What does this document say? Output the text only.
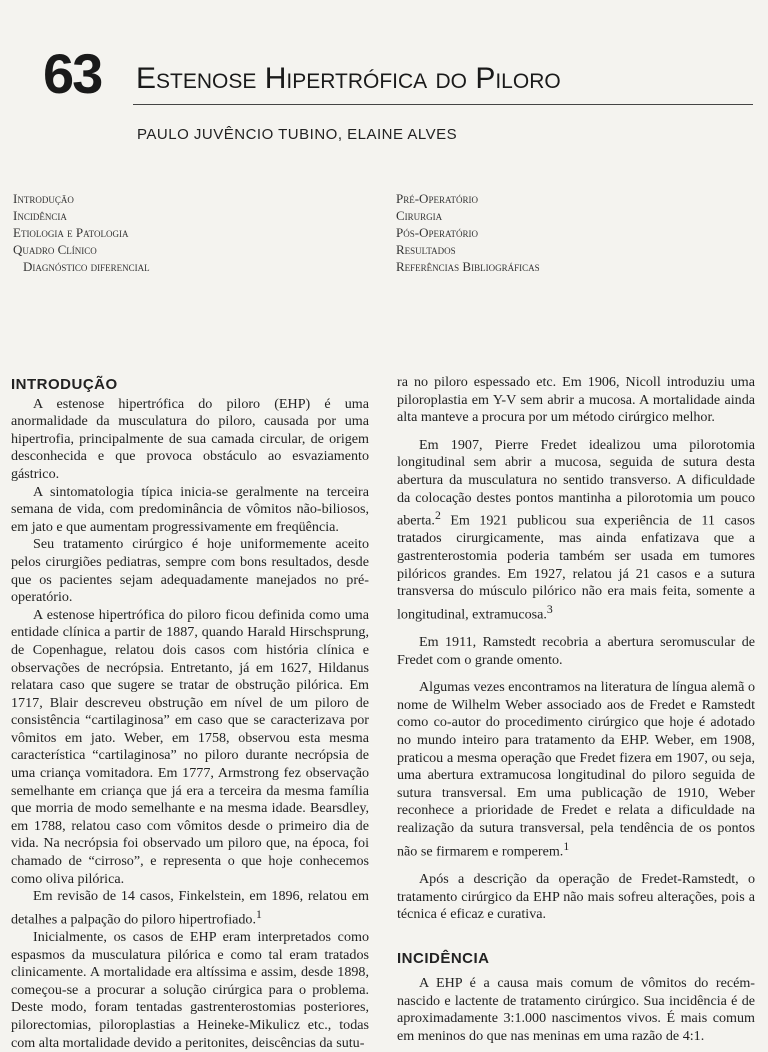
63 Estenose Hipertrófica do Piloro
PAULO JUVÊNCIO TUBINO, ELAINE ALVES
Introdução
Incidência
Etiologia e Patologia
Quadro Clínico
Diagnóstico diferencial
Pré-Operatório
Cirurgia
Pós-Operatório
Resultados
Referências Bibliográficas
INTRODUÇÃO

A estenose hipertrófica do piloro (EHP) é uma anormalidade da musculatura do piloro, causada por uma hipertrofia, principalmente de sua camada circular, de origem desconhecida e que provoca obstáculo ao esvaziamento gástrico.

A sintomatologia típica inicia-se geralmente na terceira semana de vida, com predominância de vômitos não-biliosos, em jato e que aumentam progressivamente em freqüência.

Seu tratamento cirúrgico é hoje uniformemente aceito pelos cirurgiões pediatras, sempre com bons resultados, desde que os pacientes sejam adequadamente manejados no pré-operatório.

A estenose hipertrófica do piloro ficou definida como uma entidade clínica a partir de 1887, quando Harald Hirschsprung, de Copenhague, relatou dois casos com história clínica e observações de necrópsia. Entretanto, já em 1627, Hildanus relatara caso que sugere se tratar de obstrução pilórica. Em 1717, Blair descreveu obstrução em nível de um piloro de consistência “cartilaginosa” em caso que se caracterizava por vômitos em jato. Weber, em 1758, observou esta mesma característica “cartilaginosa” no piloro durante necrópsia de uma criança vomitadora. Em 1777, Armstrong fez observação semelhante em criança que já era a terceira da mesma família que morria de modo semelhante e na mesma idade. Bearsdley, em 1788, relatou caso com vômitos desde o primeiro dia de vida. Na necrópsia foi observado um piloro que, na época, foi chamado de “cirroso”, e representa o que hoje conhecemos como oliva pilórica.

Em revisão de 14 casos, Finkelstein, em 1896, relatou em detalhes a palpação do piloro hipertrofiado.$^1$

Inicialmente, os casos de EHP eram interpretados como espasmos da musculatura pilórica e como tal eram tratados clinicamente. A mortalidade era altíssima e assim, desde 1898, começou-se a procurar a solução cirúrgica para o problema. Deste modo, foram tentadas gastrenterostomias posteriores, pilorectomias, piloroplastias a Heineke-Mikulicz etc., todas com alta mortalidade devido a peritonites, deiscências da sutu-

ra no piloro espessado etc. Em 1906, Nicoll introduziu uma piloroplastia em Y-V sem abrir a mucosa. A mortalidade ainda alta manteve a procura por um método cirúrgico melhor.

Em 1907, Pierre Fredet idealizou uma pilorotomia longitudinal sem abrir a mucosa, seguida de sutura desta abertura da musculatura no sentido transverso. A dificuldade da colocação destes pontos mantinha a pilorotomia um pouco aberta.$^2$ Em 1921 publicou sua experiência de 11 casos tratados cirurgicamente, mas ainda enfatizava que a gastrenterostomia poderia também ser usada em tumores pilóricos grandes. Em 1927, relatou já 21 casos e a sutura transversa do músculo pilórico não era mais feita, somente a longitudinal, extramucosa.$^3$

Em 1911, Ramstedt recobria a abertura seromuscular de Fredet com o grande omento.

Algumas vezes encontramos na literatura de língua alemã o nome de Wilhelm Weber associado aos de Fredet e Ramstedt como co-autor do procedimento cirúrgico que hoje é adotado no mundo inteiro para tratamento da EHP. Weber, em 1908, praticou a mesma operação que Fredet fizera em 1907, ou seja, uma abertura extramucosa longitudinal do piloro seguida de sutura transversal. Em uma publicação de 1910, Weber reconhece a prioridade de Fredet e relata a dificuldade na realização da sutura transversal, pela tendência de os pontos não se firmarem e romperem.$^1$

Após a descrição da operação de Fredet-Ramstedt, o tratamento cirúrgico da EHP não mais sofreu alterações, pois a técnica é eficaz e curativa.

INCIDÊNCIA

A EHP é a causa mais comum de vômitos do recém-nascido e lactente de tratamento cirúrgico. Sua incidência é de aproximadamente 3:1.000 nascimentos vivos. É mais comum em meninos do que nas meninas em uma razão de 4:1.
